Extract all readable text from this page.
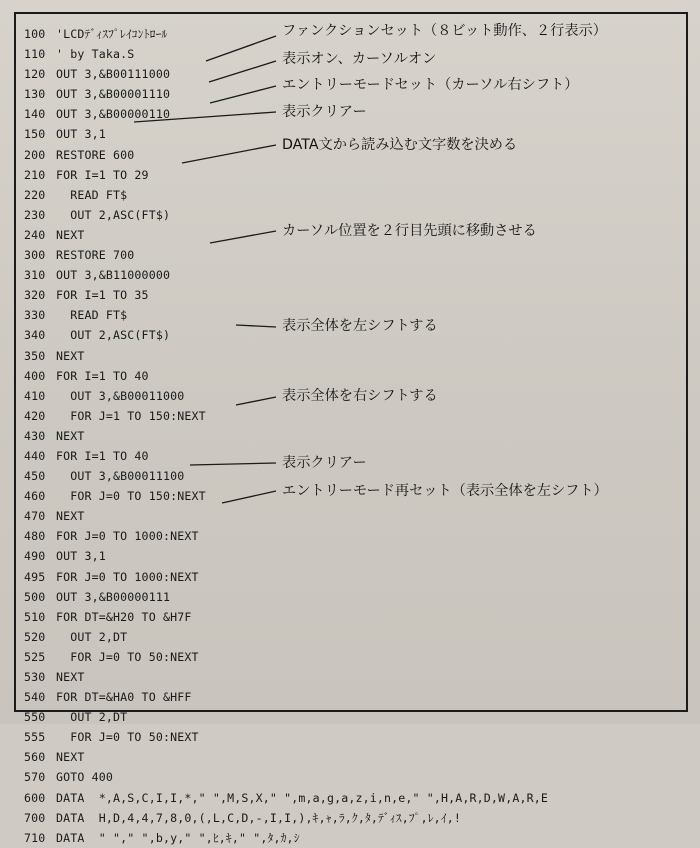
100 'LCDﾃﾞｨｽﾌﾟﾚｲｺﾝﾄﾛｰﾙ
110 ' by Taka.S
120 OUT 3,&B00111000
130 OUT 3,&B00001110
140 OUT 3,&B00000110
150 OUT 3,1
200 RESTORE 600
210 FOR I=1 TO 29
220  READ FT$
230  OUT 2,ASC(FT$)
240 NEXT
300 RESTORE 700
310 OUT 3,&B11000000
320 FOR I=1 TO 35
330  READ FT$
340  OUT 2,ASC(FT$)
350 NEXT
400 FOR I=1 TO 40
410  OUT 3,&B00011000
420  FOR J=1 TO 150:NEXT
430 NEXT
440 FOR I=1 TO 40
450  OUT 3,&B00011100
460  FOR J=0 TO 150:NEXT
470 NEXT
480 FOR J=0 TO 1000:NEXT
490 OUT 3,1
495 FOR J=0 TO 1000:NEXT
500 OUT 3,&B00000111
510 FOR DT=&H20 TO &H7F
520  OUT 2,DT
525  FOR J=0 TO 50:NEXT
530 NEXT
540 FOR DT=&HA0 TO &HFF
550  OUT 2,DT
555  FOR J=0 TO 50:NEXT
560 NEXT
570 GOTO 400
600 DATA  *,A,S,C,I,I,*," ",M,S,X," ",m,a,g,a,z,i,n,e," ",H,A,R,D,W,A,R,E
700 DATA  H,D,4,4,7,8,0,(,L,C,D,-,I,I,),ｷ,ｬ,ﾗ,ｸ,ﾀ,ﾃﾞｨｽ,ﾌﾟ,ﾚ,ｲ,!
710 DATA  " "," ",b,y," ",ﾋ,ｷ," ",ﾀ,ｶ,ｼ
ファンクションセット（８ビット動作、２行表示）
表示オン、カーソルオン
エントリーモードセット（カーソル右シフト）
表示クリアー
DATA文から読み込む文字数を決める
カーソル位置を２行目先頭に移動させる
表示全体を左シフトする
表示全体を右シフトする
表示クリアー
エントリーモード再セット（表示全体を左シフト）
